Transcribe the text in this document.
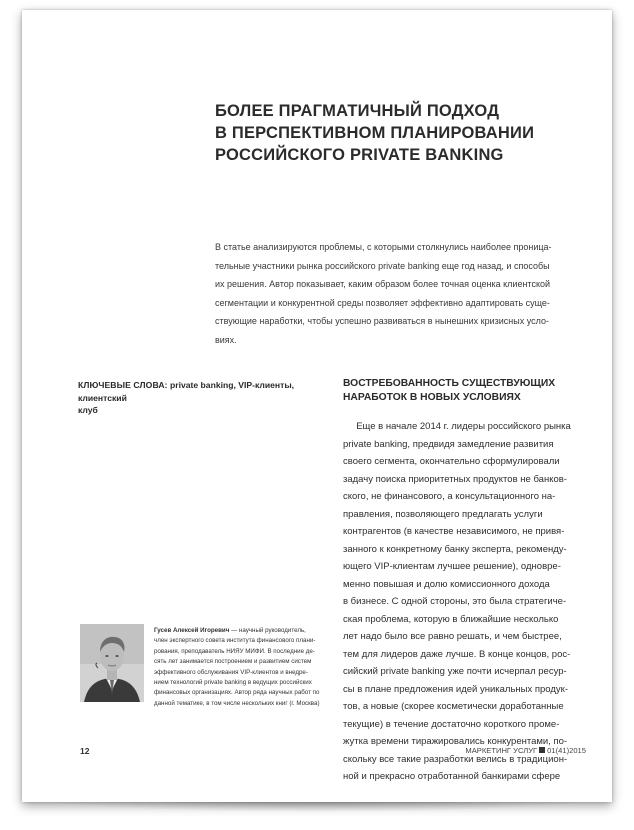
БОЛЕЕ ПРАГМАТИЧНЫЙ ПОДХОД
В ПЕРСПЕКТИВНОМ ПЛАНИРОВАНИИ
РОССИЙСКОГО PRIVATE BANKING
В статье анализируются проблемы, с которыми столкнулись наиболее проница-
тельные участники рынка российского private banking еще год назад, и способы
их решения. Автор показывает, каким образом более точная оценка клиентской
сегментации и конкурентной среды позволяет эффективно адаптировать суще-
ствующие наработки, чтобы успешно развиваться в нынешних кризисных усло-
виях.
КЛЮЧЕВЫЕ СЛОВА: private banking, VIP-клиенты, клиентский
клуб
ВОСТРЕБОВАННОСТЬ СУЩЕСТВУЮЩИХ
НАРАБОТОК В НОВЫХ УСЛОВИЯХ
Еще в начале 2014 г. лидеры российского рынка
private banking, предвидя замедление развития
своего сегмента, окончательно сформулировали
задачу поиска приоритетных продуктов не банков-
ского, не финансового, а консультационного на-
правления, позволяющего предлагать услуги
контрагентов (в качестве независимого, не привя-
занного к конкретному банку эксперта, рекоменду-
ющего VIP-клиентам лучшее решение), одновре-
менно повышая и долю комиссионного дохода
в бизнесе. С одной стороны, это была стратегиче-
ская проблема, которую в ближайшие несколько
лет надо было все равно решать, и чем быстрее,
тем для лидеров даже лучше. В конце концов, рос-
сийский private banking уже почти исчерпал ресур-
сы в плане предложения идей уникальных продук-
тов, а новые (скорее косметически доработанные
текущие) в течение достаточно короткого проме-
жутка времени тиражировались конкурентами, по-
скольку все такие разработки велись в традицион-
ной и прекрасно отработанной банкирами сфере
Гусев Алексей Игоревич — научный руководитель,
член экспертного совета института финансового плани-
рования, преподаватель НИЯУ МИФИ. В последние де-
сять лет занимается построением и развитием систем
эффективного обслуживания VIP-клиентов и внедре-
нием технологий private banking в ведущих российских
финансовых организациях. Автор ряда научных работ по
данной тематике, в том числе нескольких книг (г. Москва)
12	МАРКЕТИНГ УСЛУГ 01(41)2015
